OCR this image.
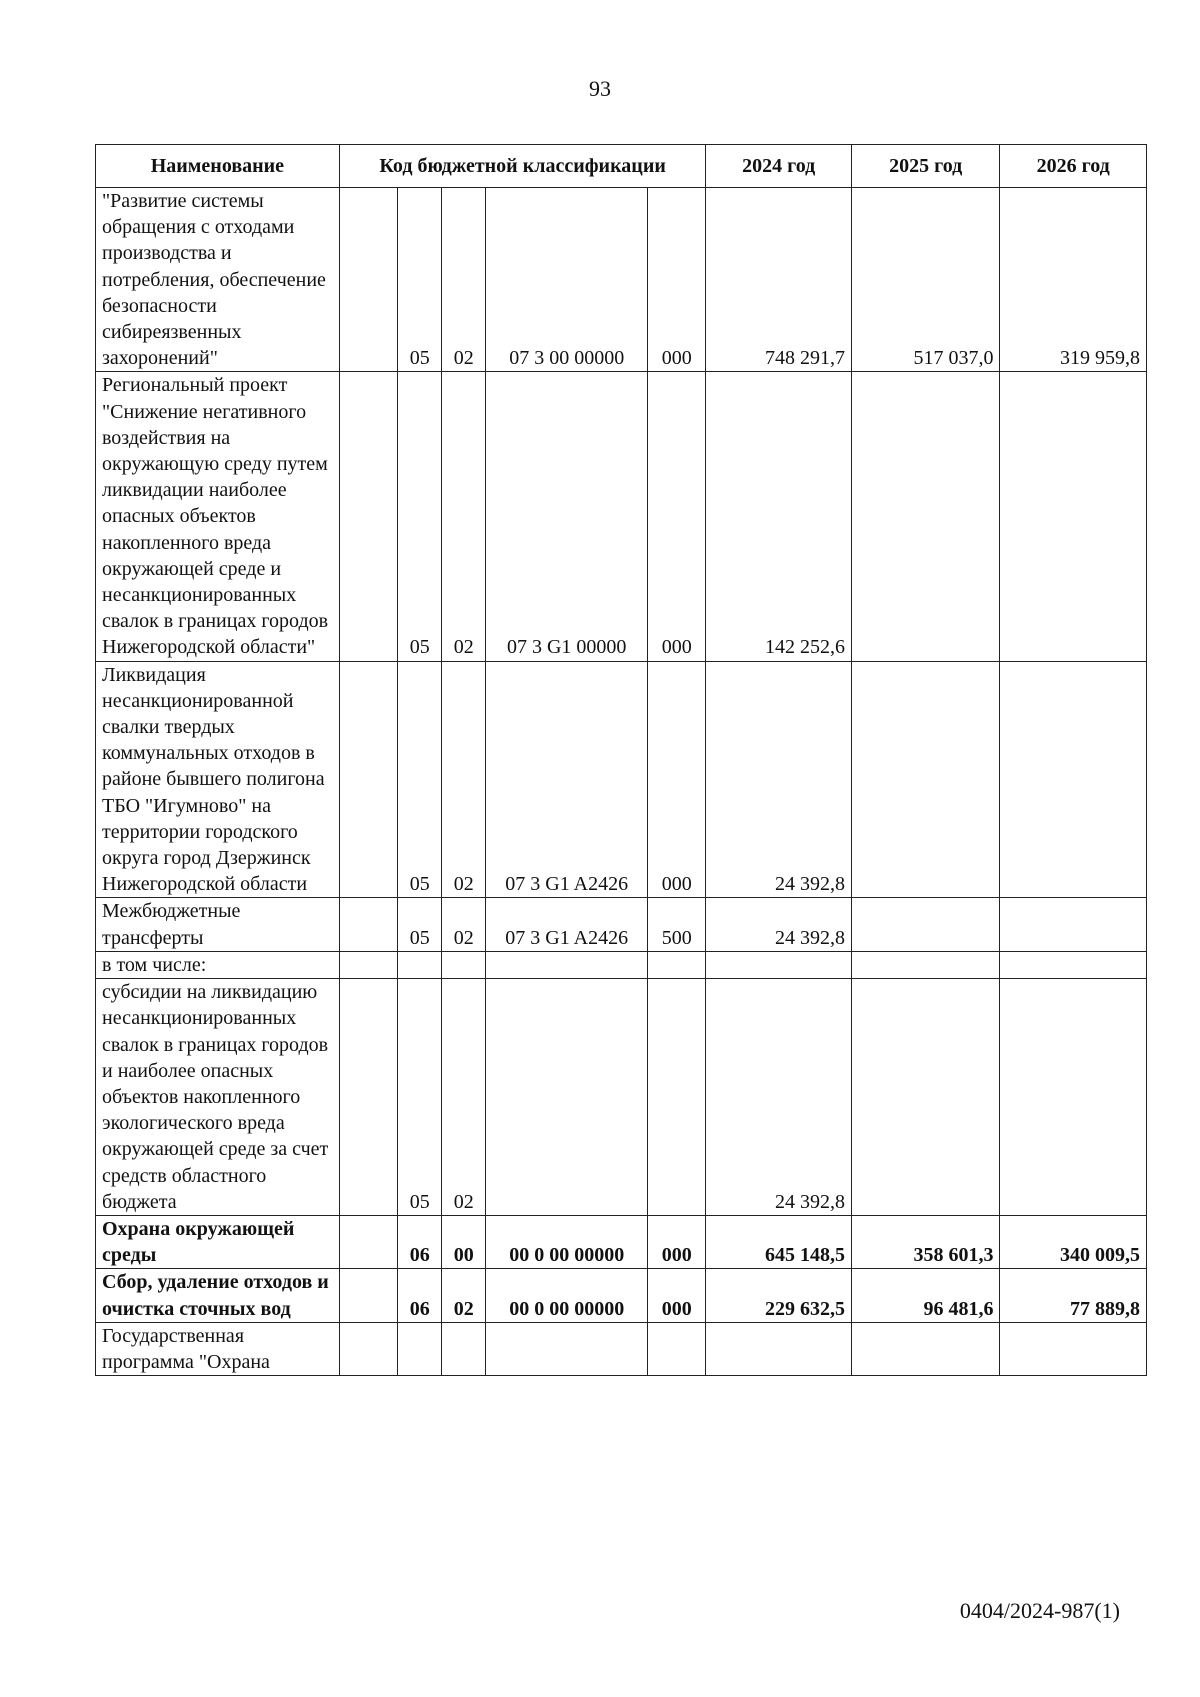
93
Наименование	Код бюджетной классификации					2024 год	2025 год	2026 год
"Развитие системы обращения с отходами производства и потребления, обеспечение безопасности сибиреязвенных захоронений"		05	02	07 3 00 00000	000	748 291,7	517 037,0	319 959,8
Региональный проект "Снижение негативного воздействия на окружающую среду путем ликвидации наиболее опасных объектов накопленного вреда окружающей среде и несанкционированных свалок в границах городов Нижегородской области"		05	02	07 3 G1 00000	000	142 252,6		
Ликвидация несанкционированной свалки твердых коммунальных отходов в районе бывшего полигона ТБО "Игумново" на территории городского округа город Дзержинск Нижегородской области		05	02	07 3 G1 A2426	000	24 392,8		
Межбюджетные трансферты		05	02	07 3 G1 A2426	500	24 392,8		
в том числе:								
субсидии на ликвидацию несанкционированных свалок в границах городов и наиболее опасных объектов накопленного экологического вреда окружающей среде за счет средств областного бюджета		05	02			24 392,8		
Охрана окружающей среды		06	00	00 0 00 00000	000	645 148,5	358 601,3	340 009,5
Сбор, удаление отходов и очистка сточных вод		06	02	00 0 00 00000	000	229 632,5	96 481,6	77 889,8
Государственная программа "Охрана								
0404/2024-987(1)
